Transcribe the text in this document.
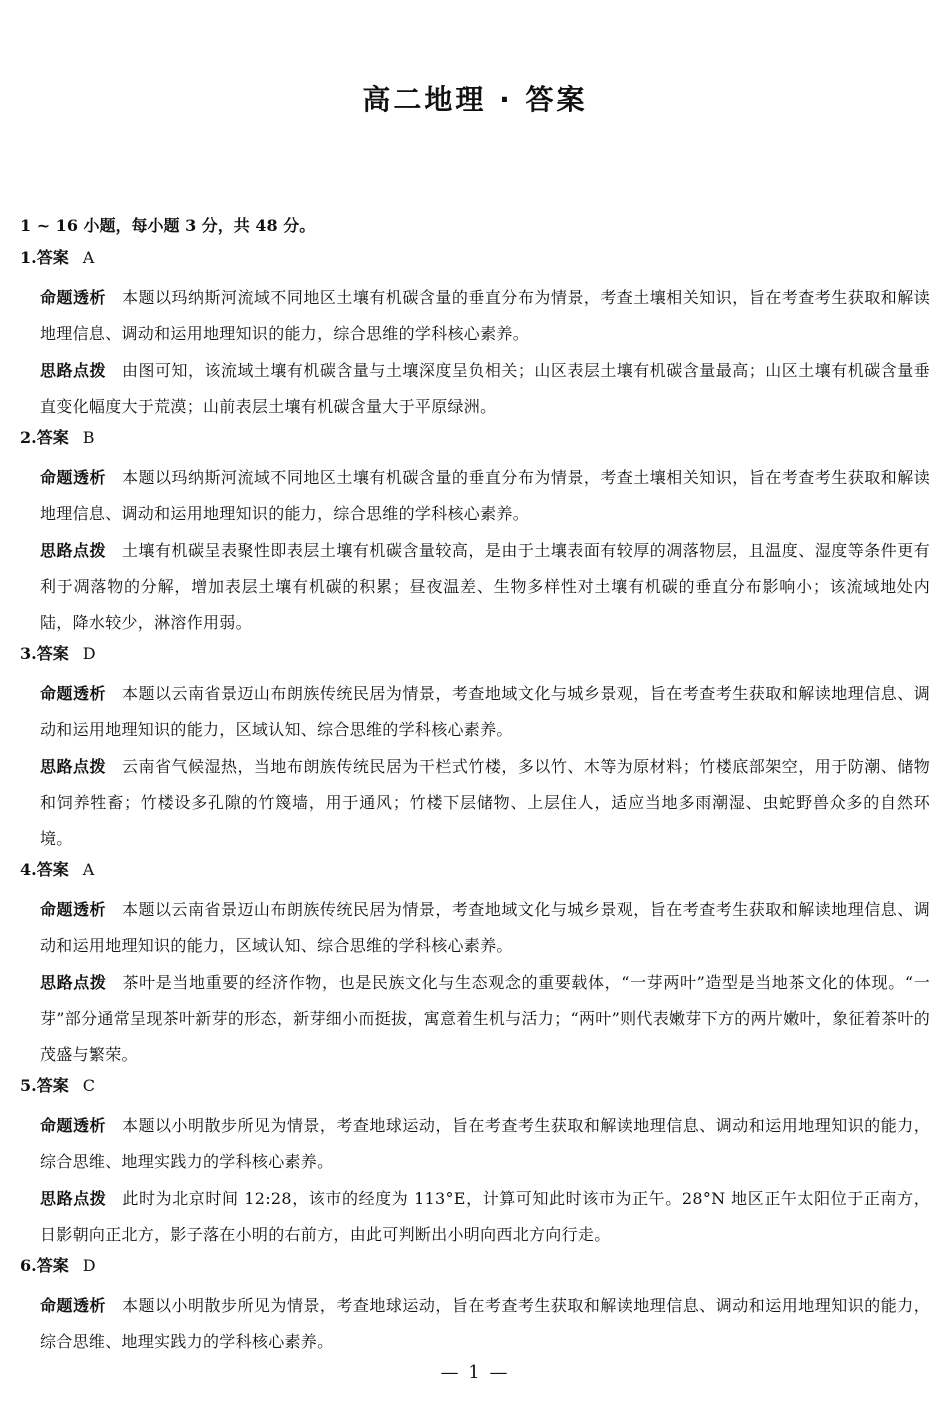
高二地理 · 答案
1 ~ 16 小题，每小题 3 分，共 48 分。
1.答案 A
命题透析 本题以玛纳斯河流域不同地区土壤有机碳含量的垂直分布为情景，考查土壤相关知识，旨在考查考生获取和解读地理信息、调动和运用地理知识的能力，综合思维的学科核心素养。
思路点拨 由图可知，该流域土壤有机碳含量与土壤深度呈负相关；山区表层土壤有机碳含量最高；山区土壤有机碳含量垂直变化幅度大于荒漠；山前表层土壤有机碳含量大于平原绿洲。
2.答案 B
命题透析 本题以玛纳斯河流域不同地区土壤有机碳含量的垂直分布为情景，考查土壤相关知识，旨在考查考生获取和解读地理信息、调动和运用地理知识的能力，综合思维的学科核心素养。
思路点拨 土壤有机碳呈表聚性即表层土壤有机碳含量较高，是由于土壤表面有较厚的凋落物层，且温度、湿度等条件更有利于凋落物的分解，增加表层土壤有机碳的积累；昼夜温差、生物多样性对土壤有机碳的垂直分布影响小；该流域地处内陆，降水较少，淋溶作用弱。
3.答案 D
命题透析 本题以云南省景迈山布朗族传统民居为情景，考查地域文化与城乡景观，旨在考查考生获取和解读地理信息、调动和运用地理知识的能力，区域认知、综合思维的学科核心素养。
思路点拨 云南省气候湿热，当地布朗族传统民居为干栏式竹楼，多以竹、木等为原材料；竹楼底部架空，用于防潮、储物和饲养牲畜；竹楼设多孔隙的竹篾墙，用于通风；竹楼下层储物、上层住人，适应当地多雨潮湿、虫蛇野兽众多的自然环境。
4.答案 A
命题透析 本题以云南省景迈山布朗族传统民居为情景，考查地域文化与城乡景观，旨在考查考生获取和解读地理信息、调动和运用地理知识的能力，区域认知、综合思维的学科核心素养。
思路点拨 茶叶是当地重要的经济作物，也是民族文化与生态观念的重要载体，“一芽两叶”造型是当地茶文化的体现。“一芽”部分通常呈现茶叶新芽的形态，新芽细小而挺拔，寓意着生机与活力；“两叶”则代表嫩芽下方的两片嫩叶，象征着茶叶的茂盛与繁荣。
5.答案 C
命题透析 本题以小明散步所见为情景，考查地球运动，旨在考查考生获取和解读地理信息、调动和运用地理知识的能力，综合思维、地理实践力的学科核心素养。
思路点拨 此时为北京时间 12:28，该市的经度为 113°E，计算可知此时该市为正午。28°N 地区正午太阳位于正南方，日影朝向正北方，影子落在小明的右前方，由此可判断出小明向西北方向行走。
6.答案 D
命题透析 本题以小明散步所见为情景，考查地球运动，旨在考查考生获取和解读地理信息、调动和运用地理知识的能力，综合思维、地理实践力的学科核心素养。
— 1 —
